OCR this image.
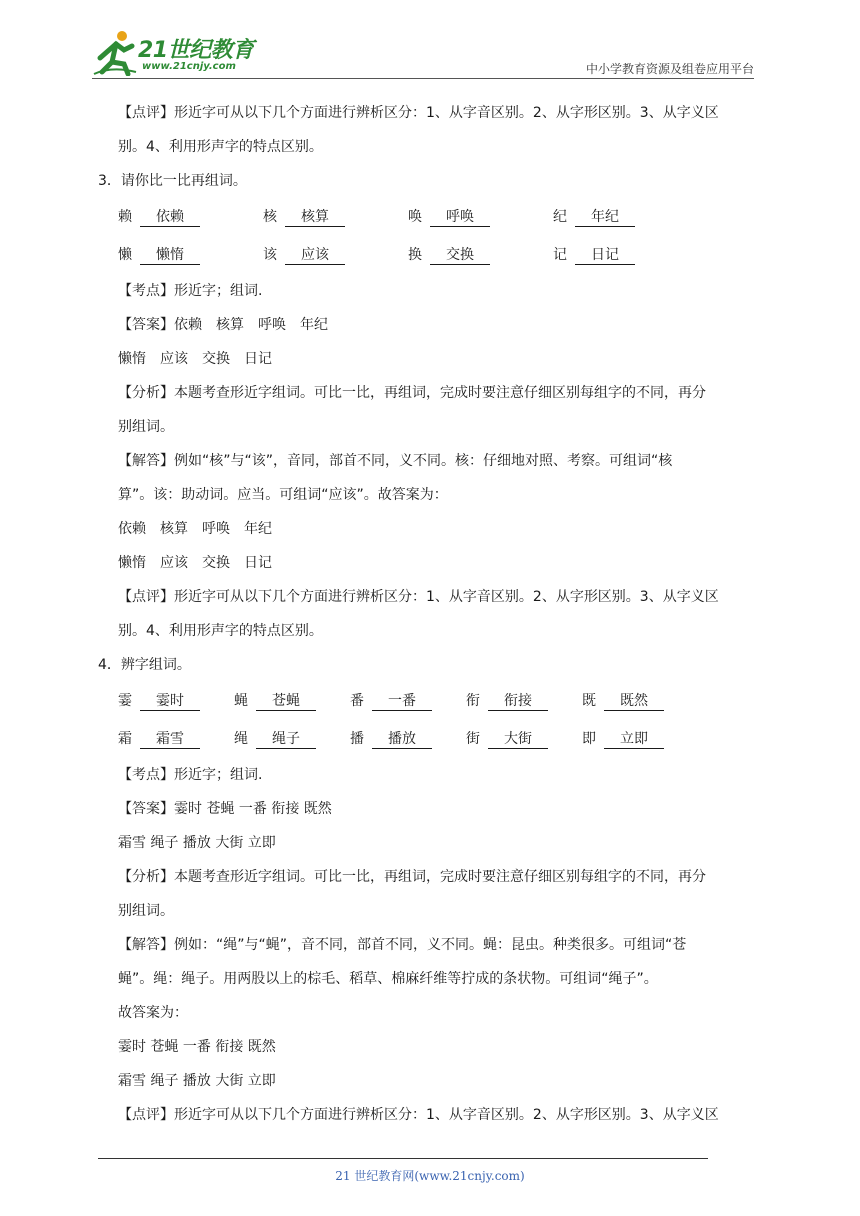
21世纪教育
www.21cnjy.com	中小学教育资源及组卷应用平台
【点评】形近字可从以下几个方面进行辨析区分：1、从字音区别。2、从字形区别。3、从字义区
别。4、利用形声字的特点区别。
3．请你比一比再组词。
赖	依赖	核	核算	唤	呼唤	纪	年纪
懒	懒惰	该	应该	换	交换	记	日记
【考点】形近字；组词.
【答案】依赖　核算　呼唤　年纪
懒惰　应该　交换　日记
【分析】本题考查形近字组词。可比一比，再组词，完成时要注意仔细区别每组字的不同，再分
别组词。
【解答】例如“核”与“该”，音同，部首不同，义不同。核：仔细地对照、考察。可组词“核
算”。该：助动词。应当。可组词“应该”。故答案为：
依赖　核算　呼唤　年纪
懒惰　应该　交换　日记
【点评】形近字可从以下几个方面进行辨析区分：1、从字音区别。2、从字形区别。3、从字义区
别。4、利用形声字的特点区别。
4．辨字组词。
霎	霎时	蝇	苍蝇	番	一番	衔	衔接	既	既然
霜	霜雪	绳	绳子	播	播放	街	大街	即	立即
【考点】形近字；组词.
【答案】霎时 苍蝇 一番 衔接 既然
霜雪 绳子 播放 大街 立即
【分析】本题考查形近字组词。可比一比，再组词，完成时要注意仔细区别每组字的不同，再分
别组词。
【解答】例如：“绳”与“蝇”，音不同，部首不同，义不同。蝇：昆虫。种类很多。可组词“苍
蝇”。绳：绳子。用两股以上的棕毛、稻草、棉麻纤维等拧成的条状物。可组词“绳子”。
故答案为：
霎时 苍蝇 一番 衔接 既然
霜雪 绳子 播放 大街 立即
【点评】形近字可从以下几个方面进行辨析区分：1、从字音区别。2、从字形区别。3、从字义区
21 世纪教育网(www.21cnjy.com)
